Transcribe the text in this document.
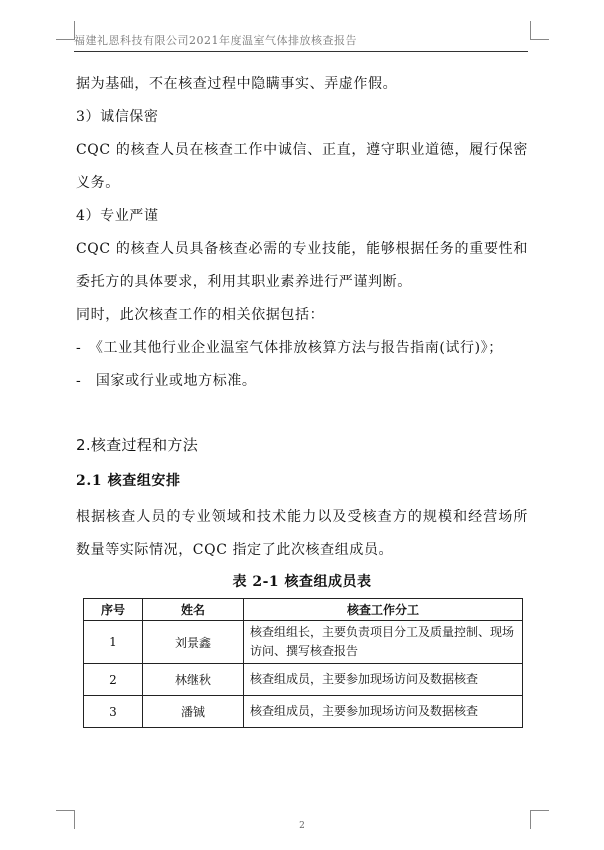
福建礼恩科技有限公司2021年度温室气体排放核查报告
据为基础，不在核查过程中隐瞒事实、弄虚作假。
3）诚信保密
CQC 的核查人员在核查工作中诚信、正直，遵守职业道德，履行保密
义务。
4）专业严谨
CQC 的核查人员具备核查必需的专业技能，能够根据任务的重要性和
委托方的具体要求，利用其职业素养进行严谨判断。
同时，此次核查工作的相关依据包括：
-　《工业其他行业企业温室气体排放核算方法与报告指南(试行)》；
-　国家或行业或地方标准。
2.核查过程和方法
2.1 核查组安排
根据核查人员的专业领域和技术能力以及受核查方的规模和经营场所
数量等实际情况，CQC 指定了此次核查组成员。
表 2-1 核查组成员表
序号	姓名	核查工作分工
1	刘景鑫	核查组组长，主要负责项目分工及质量控制、现场访问、撰写核查报告
2	林继秋	核查组成员，主要参加现场访问及数据核查
3	潘铖	核查组成员，主要参加现场访问及数据核查
2
